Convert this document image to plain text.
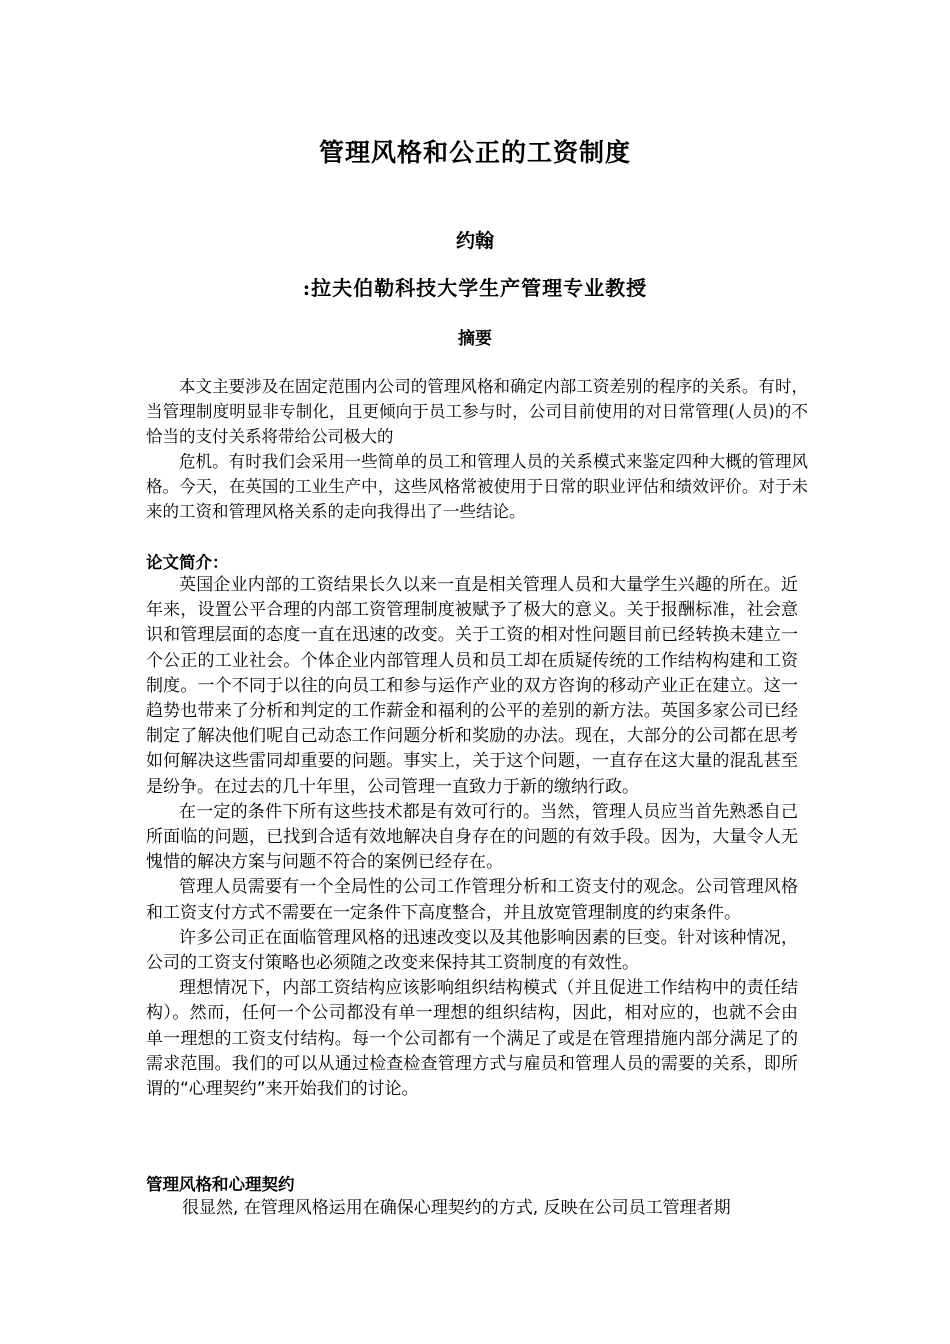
管理风格和公正的工资制度
约翰
:拉夫伯勒科技大学生产管理专业教授
摘要

本文主要涉及在固定范围内公司的管理风格和确定内部工资差别的程序的关系。有时，当管理制度明显非专制化，且更倾向于员工参与时，公司目前使用的对日常管理(人员)的不恰当的支付关系将带给公司极大的

危机。有时我们会采用一些简单的员工和管理人员的关系模式来鉴定四种大概的管理风格。今天，在英国的工业生产中，这些风格常被使用于日常的职业评估和绩效评价。对于未来的工资和管理风格关系的走向我得出了一些结论。

论文简介：

英国企业内部的工资结果长久以来一直是相关管理人员和大量学生兴趣的所在。近年来，设置公平合理的内部工资管理制度被赋予了极大的意义。关于报酬标准，社会意识和管理层面的态度一直在迅速的改变。关于工资的相对性问题目前已经转换未建立一个公正的工业社会。个体企业内部管理人员和员工却在质疑传统的工作结构构建和工资制度。一个不同于以往的向员工和参与运作产业的双方咨询的移动产业正在建立。这一趋势也带来了分析和判定的工作薪金和福利的公平的差别的新方法。英国多家公司已经制定了解决他们呢自己动态工作问题分析和奖励的办法。现在，大部分的公司都在思考如何解决这些雷同却重要的问题。事实上，关于这个问题，一直存在这大量的混乱甚至是纷争。在过去的几十年里，公司管理一直致力于新的缴纳行政。

在一定的条件下所有这些技术都是有效可行的。当然，管理人员应当首先熟悉自己所面临的问题，已找到合适有效地解决自身存在的问题的有效手段。因为，大量令人无愧惜的解决方案与问题不符合的案例已经存在。

管理人员需要有一个全局性的公司工作管理分析和工资支付的观念。公司管理风格和工资支付方式不需要在一定条件下高度整合，并且放宽管理制度的约束条件。

许多公司正在面临管理风格的迅速改变以及其他影响因素的巨变。针对该种情况，公司的工资支付策略也必须随之改变来保持其工资制度的有效性。

理想情况下，内部工资结构应该影响组织结构模式（并且促进工作结构中的责任结构）。然而，任何一个公司都没有单一理想的组织结构，因此，相对应的，也就不会由单一理想的工资支付结构。每一个公司都有一个满足了或是在管理措施内部分满足了的需求范围。我们的可以从通过检查检查管理方式与雇员和管理人员的需要的关系，即所谓的“心理契约”来开始我们的讨论。

管理风格和心理契约

很显然, 在管理风格运用在确保心理契约的方式, 反映在公司员工管理者期
